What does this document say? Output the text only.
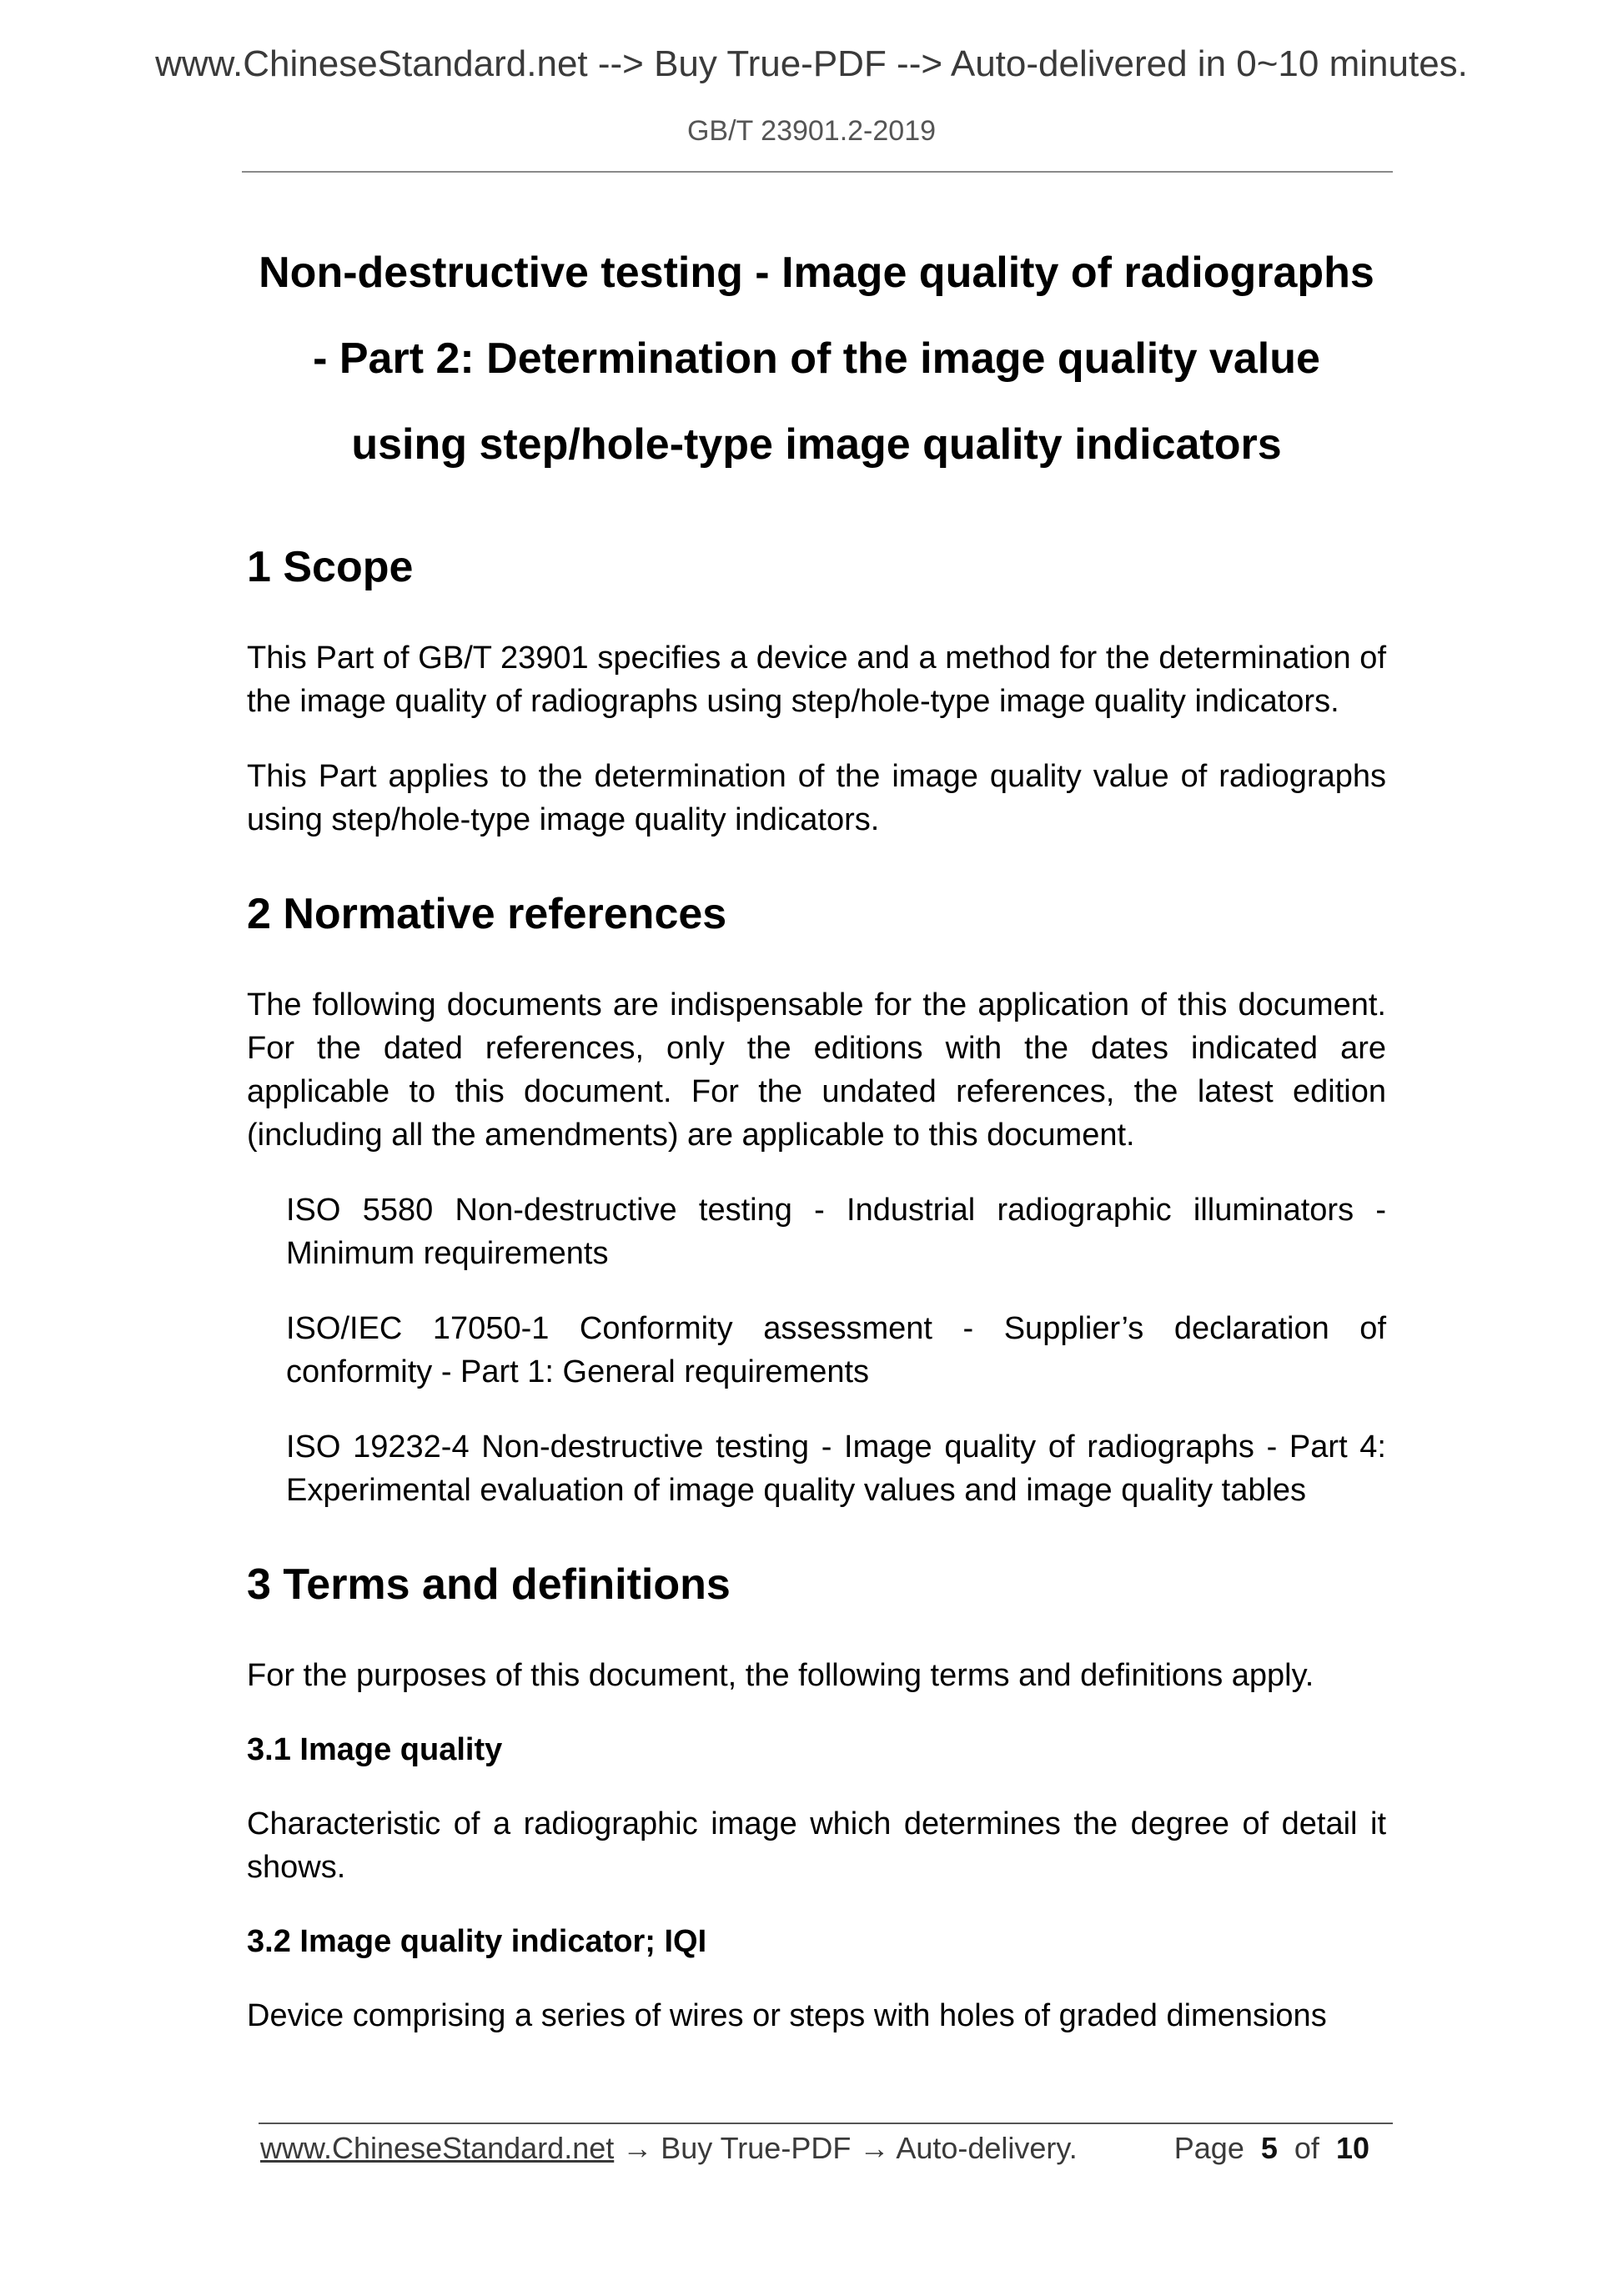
www.ChineseStandard.net --> Buy True-PDF --> Auto-delivered in 0~10 minutes.
GB/T 23901.2-2019

Non-destructive testing - Image quality of radiographs

- Part 2: Determination of the image quality value

using step/hole-type image quality indicators

1 Scope

This Part of GB/T 23901 specifies a device and a method for the determination of the image quality of radiographs using step/hole-type image quality indicators.

This Part applies to the determination of the image quality value of radiographs using step/hole-type image quality indicators.

2 Normative references

The following documents are indispensable for the application of this document. For the dated references, only the editions with the dates indicated are applicable to this document. For the undated references, the latest edition (including all the amendments) are applicable to this document.

ISO 5580 Non-destructive testing - Industrial radiographic illuminators - Minimum requirements

ISO/IEC 17050-1 Conformity assessment - Supplier’s declaration of conformity - Part 1: General requirements

ISO 19232-4 Non-destructive testing - Image quality of radiographs - Part 4: Experimental evaluation of image quality values and image quality tables

3 Terms and definitions

For the purposes of this document, the following terms and definitions apply.

3.1 Image quality

Characteristic of a radiographic image which determines the degree of detail it shows.

3.2 Image quality indicator; IQI

Device comprising a series of wires or steps with holes of graded dimensions

www.ChineseStandard.net → Buy True-PDF → Auto-delivery.	Page 5 of 10
